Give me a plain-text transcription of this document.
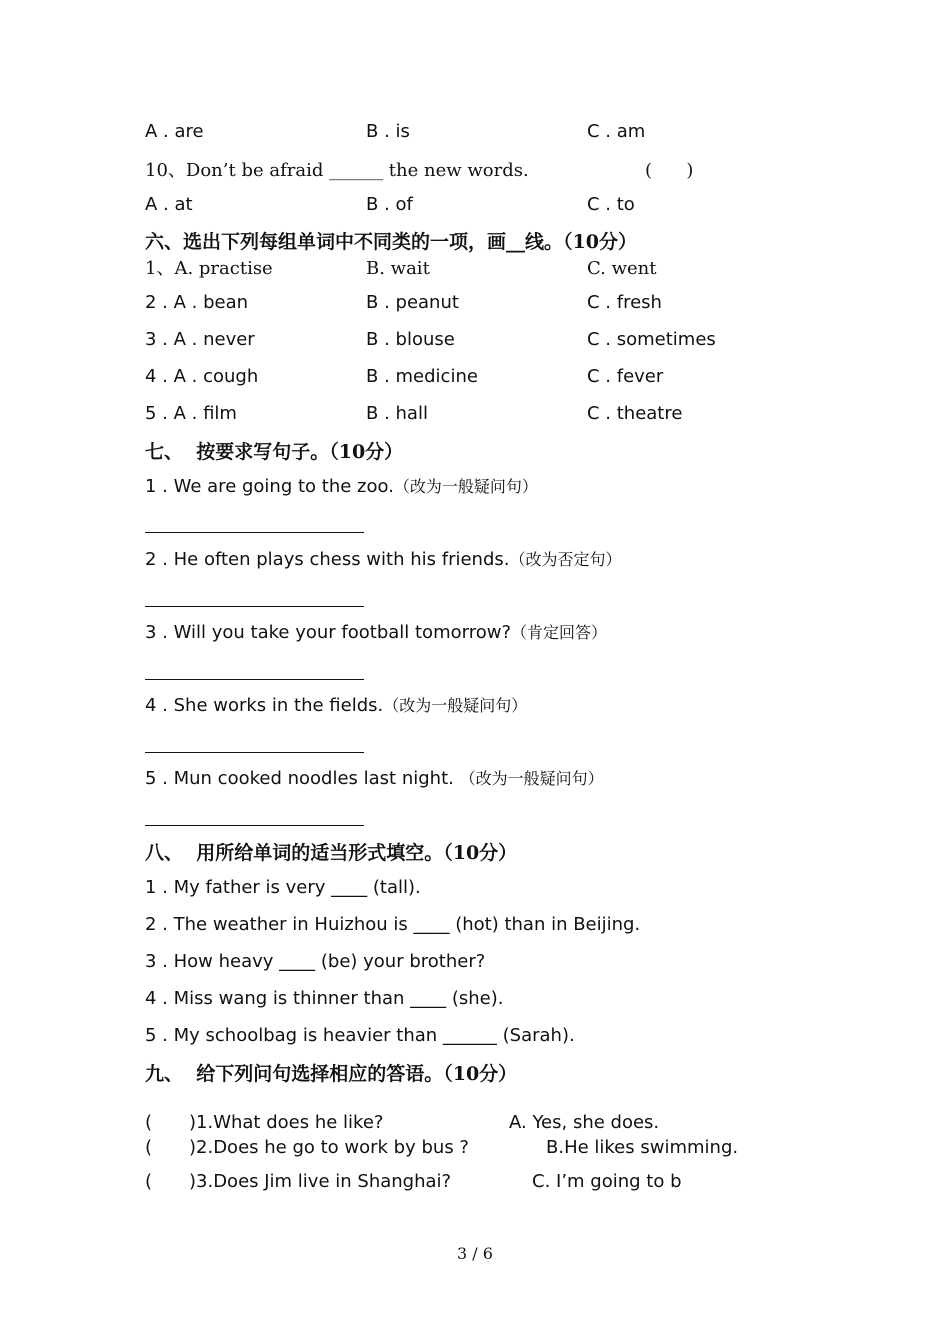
A . are	B . is	C . am
10、Don’t be afraid ______ the new words.	(      )
A . at	B . of	C . to
六、选出下列每组单词中不同类的一项，画__线。（10分）
1、A. practise	B. wait	C. went
2 . A . bean	B . peanut	C . fresh
3 . A . never	B . blouse	C . sometimes
4 . A . cough	B . medicine	C . fever
5 . A . film	B . hall	C . theatre
七、  按要求写句子。（10分）
1 . We are going to the zoo.（改为一般疑问句）
2 . He often plays chess with his friends.（改为否定句）
3 . Will you take your football tomorrow?（肯定回答）
4 . She works in the fields.（改为一般疑问句）
5 . Mun cooked noodles last night. （改为一般疑问句）
八、  用所给单词的适当形式填空。（10分）
1 . My father is very ____ (tall).
2 . The weather in Huizhou is ____ (hot) than in Beijing.
3 . How heavy ____ (be) your brother?
4 . Miss wang is thinner than ____ (she).
5 . My schoolbag is heavier than ______ (Sarah).
九、  给下列问句选择相应的答语。（10分）
( )1.What does he like?	A. Yes, she does.
( )2.Does he go to work by bus ?	B.He likes swimming.
( )3.Does Jim live in Shanghai?	C. I’m going to b
3 / 6
